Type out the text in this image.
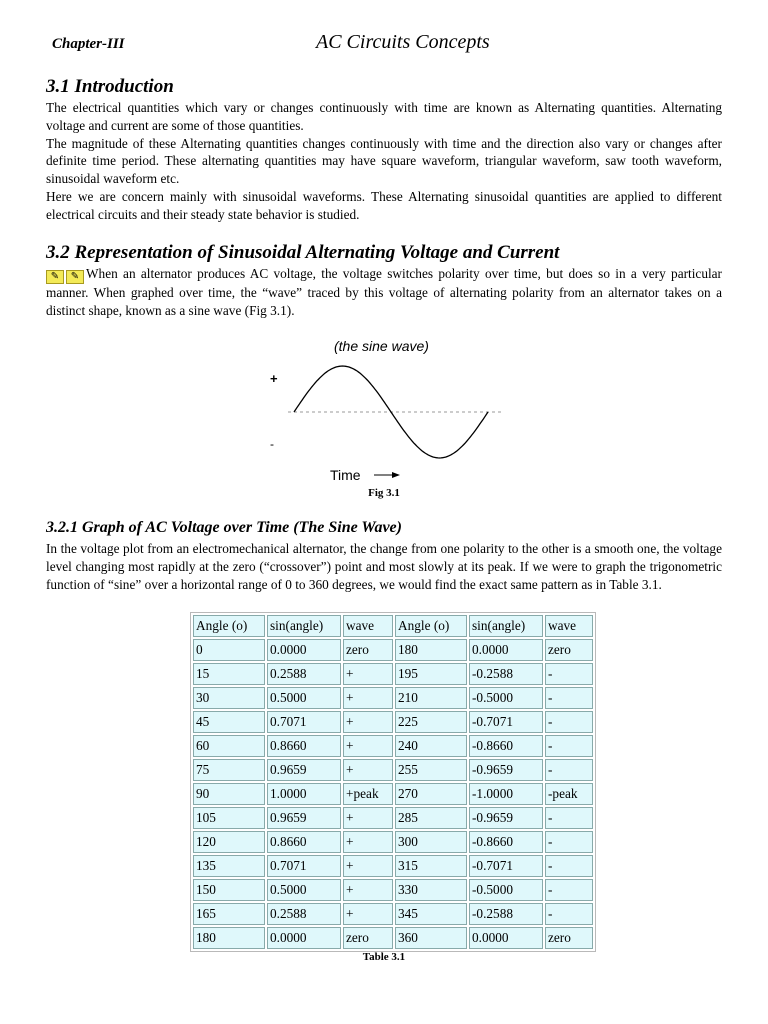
Chapter-III	AC Circuits Concepts
3.1 Introduction

The electrical quantities which vary or changes continuously with time are known as Alternating quantities. Alternating voltage and current are some of those quantities.

The magnitude of these Alternating quantities changes continuously with time and the direction also vary or changes after definite time period. These alternating quantities may have square waveform, triangular waveform, saw tooth waveform, sinusoidal waveform etc.

Here we are concern mainly with sinusoidal waveforms. These Alternating sinusoidal quantities are applied to different electrical circuits and their steady state behavior is studied.

3.2 Representation of Sinusoidal Alternating Voltage and Current

✎ ✎ When an alternator produces AC voltage, the voltage switches polarity over time, but does so in a very particular manner. When graphed over time, the “wave” traced by this voltage of alternating polarity from an alternator takes on a distinct shape, known as a sine wave (Fig 3.1).

(the sine wave)
+
-
Time
Fig 3.1
3.2.1 Graph of AC Voltage over Time (The Sine Wave)

In the voltage plot from an electromechanical alternator, the change from one polarity to the other is a smooth one, the voltage level changing most rapidly at the zero (“crossover”) point and most slowly at its peak. If we were to graph the trigonometric function of “sine” over a horizontal range of 0 to 360 degrees, we would find the exact same pattern as in Table 3.1.

Angle (o)	sin(angle)	wave	Angle (o)	sin(angle)	wave
0	0.0000	zero	180	0.0000	zero
15	0.2588	+	195	-0.2588	-
30	0.5000	+	210	-0.5000	-
45	0.7071	+	225	-0.7071	-
60	0.8660	+	240	-0.8660	-
75	0.9659	+	255	-0.9659	-
90	1.0000	+peak	270	-1.0000	-peak
105	0.9659	+	285	-0.9659	-
120	0.8660	+	300	-0.8660	-
135	0.7071	+	315	-0.7071	-
150	0.5000	+	330	-0.5000	-
165	0.2588	+	345	-0.2588	-
180	0.0000	zero	360	0.0000	zero
Table 3.1
